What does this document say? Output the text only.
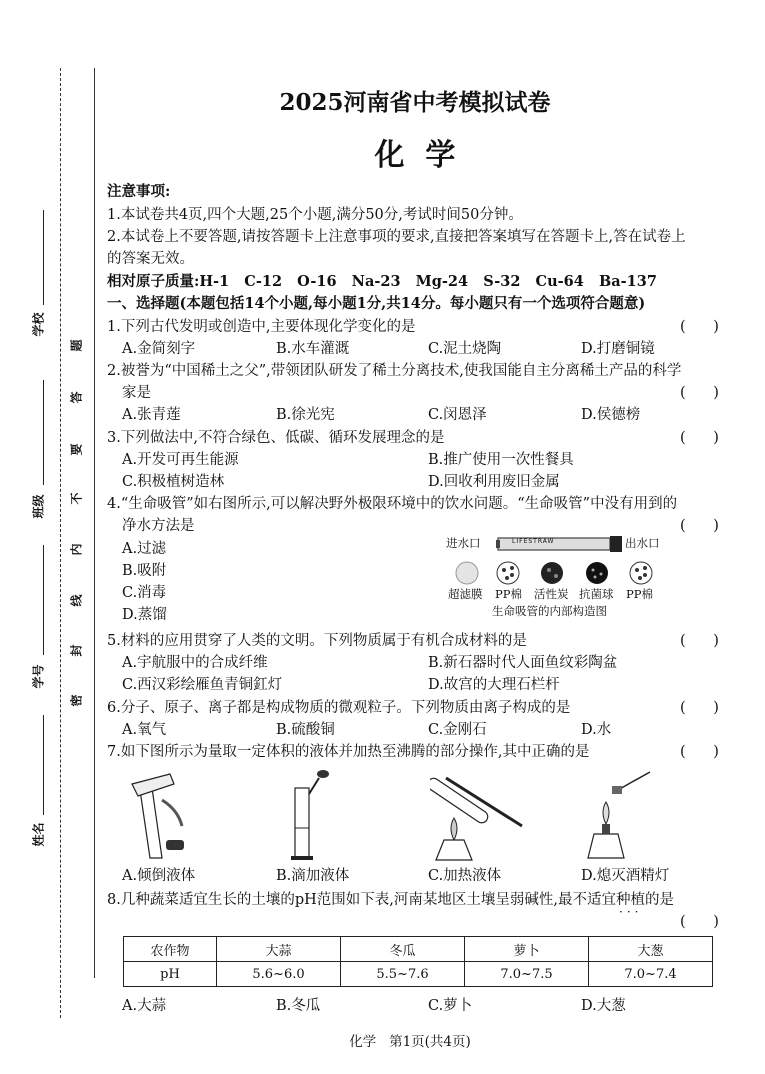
学校
班级
学号
姓名
题
答
要
不
内
线
封
密
2025河南省中考模拟试卷
化  学
注意事项:
1.本试卷共4页,四个大题,25个小题,满分50分,考试时间50分钟。
2.本试卷上不要答题,请按答题卡上注意事项的要求,直接把答案填写在答题卡上,答在试卷上
的答案无效。
相对原子质量:H-1   C-12   O-16   Na-23   Mg-24   S-32   Cu-64   Ba-137
一、选择题(本题包括14个小题,每小题1分,共14分。每小题只有一个选项符合题意)
1.下列古代发明或创造中,主要体现化学变化的是	(      )
A.金简刻字	B.水车灌溉	C.泥土烧陶	D.打磨铜镜
2.被誉为“中国稀土之父”,带领团队研发了稀土分离技术,使我国能自主分离稀土产品的科学
家是	(      )
A.张青莲	B.徐光宪	C.闵恩泽	D.侯德榜
3.下列做法中,不符合绿色、低碳、循环发展理念的是	(      )
A.开发可再生能源	B.推广使用一次性餐具
C.积极植树造林	D.回收利用废旧金属
4.“生命吸管”如右图所示,可以解决野外极限环境中的饮水问题。“生命吸管”中没有用到的
净水方法是	(      )
A.过滤
B.吸附
C.消毒
D.蒸馏
进水口	LIFESTRAW	出水口
超滤膜 PP棉 活性炭 抗菌球 PP棉
生命吸管的内部构造图
5.材料的应用贯穿了人类的文明。下列物质属于有机合成材料的是	(      )
A.宇航服中的合成纤维	B.新石器时代人面鱼纹彩陶盆
C.西汉彩绘雁鱼青铜釭灯	D.故宫的大理石栏杆
6.分子、原子、离子都是构成物质的微观粒子。下列物质由离子构成的是	(      )
A.氧气	B.硫酸铜	C.金刚石	D.水
7.如下图所示为量取一定体积的液体并加热至沸腾的部分操作,其中正确的是	(      )
A.倾倒液体	B.滴加液体	C.加热液体	D.熄灭酒精灯
8.几种蔬菜适宜生长的土壤的pH范围如下表,河南某地区土壤呈弱碱性,最不适宜种植的是
···
(      )
农作物	大蒜	冬瓜	萝卜	大葱
pH	5.6~6.0	5.5~7.6	7.0~7.5	7.0~7.4
A.大蒜	B.冬瓜	C.萝卜	D.大葱
化学   第1页(共4页)
